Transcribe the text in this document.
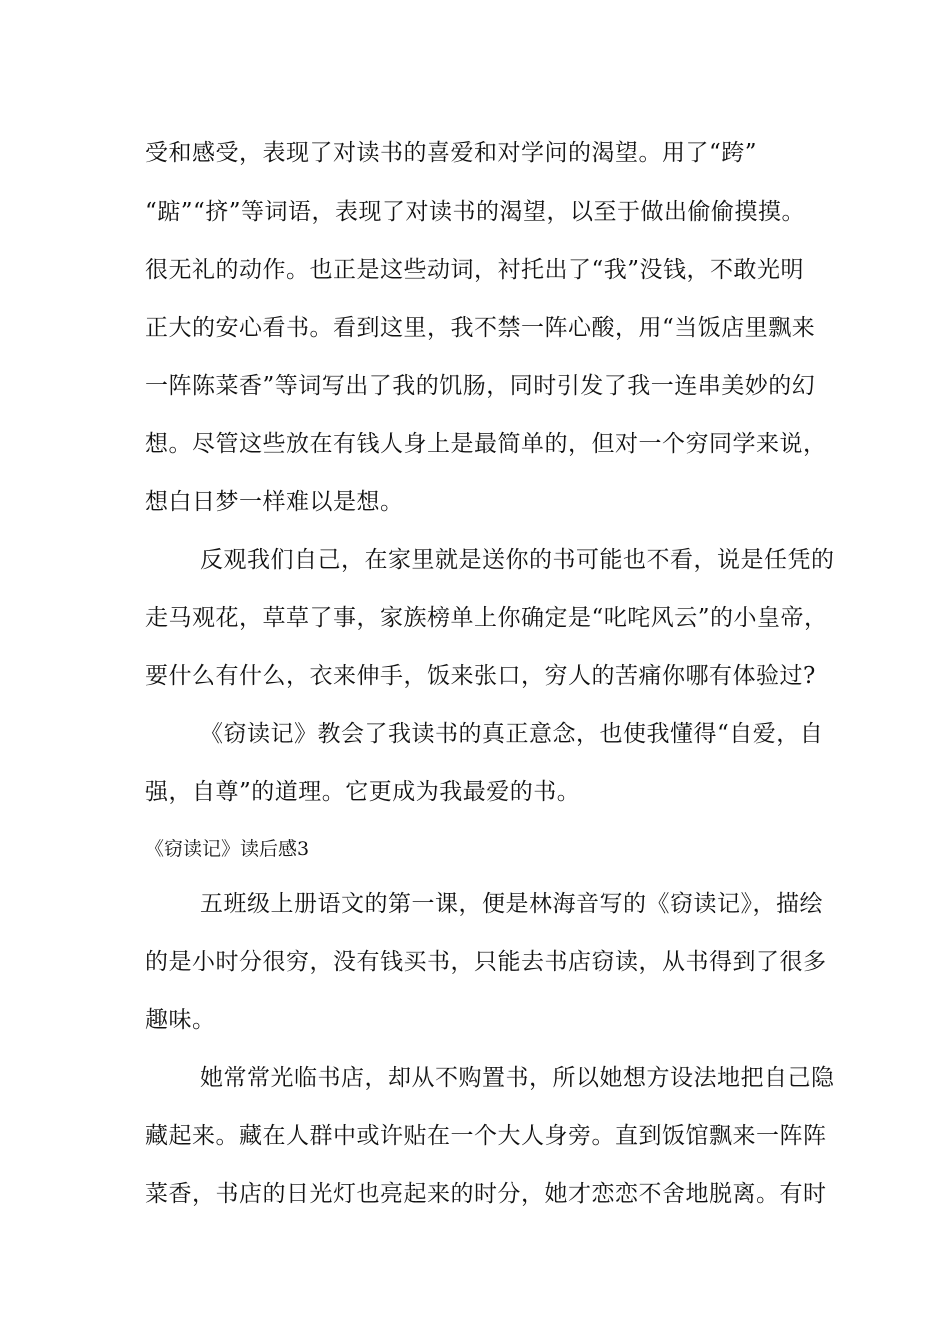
受和感受，表现了对读书的喜爱和对学问的渴望。用了“跨”
“踮”“挤”等词语，表现了对读书的渴望，以至于做出偷偷摸摸。
很无礼的动作。也正是这些动词，衬托出了“我”没钱，不敢光明
正大的安心看书。看到这里，我不禁一阵心酸，用“当饭店里飘来
一阵陈菜香”等词写出了我的饥肠，同时引发了我一连串美妙的幻
想。尽管这些放在有钱人身上是最简单的，但对一个穷同学来说，
想白日梦一样难以是想。
反观我们自己，在家里就是送你的书可能也不看，说是任凭的
走马观花，草草了事，家族榜单上你确定是“叱咤风云”的小皇帝，
要什么有什么，衣来伸手，饭来张口，穷人的苦痛你哪有体验过?
《窃读记》教会了我读书的真正意念，也使我懂得“自爱，自
强，自尊”的道理。它更成为我最爱的书。
《窃读记》读后感3
五班级上册语文的第一课，便是林海音写的《窃读记》，描绘
的是小时分很穷，没有钱买书，只能去书店窃读，从书得到了很多
趣味。
她常常光临书店，却从不购置书，所以她想方设法地把自己隐
藏起来。藏在人群中或许贴在一个大人身旁。直到饭馆飘来一阵阵
菜香，书店的日光灯也亮起来的时分，她才恋恋不舍地脱离。有时
